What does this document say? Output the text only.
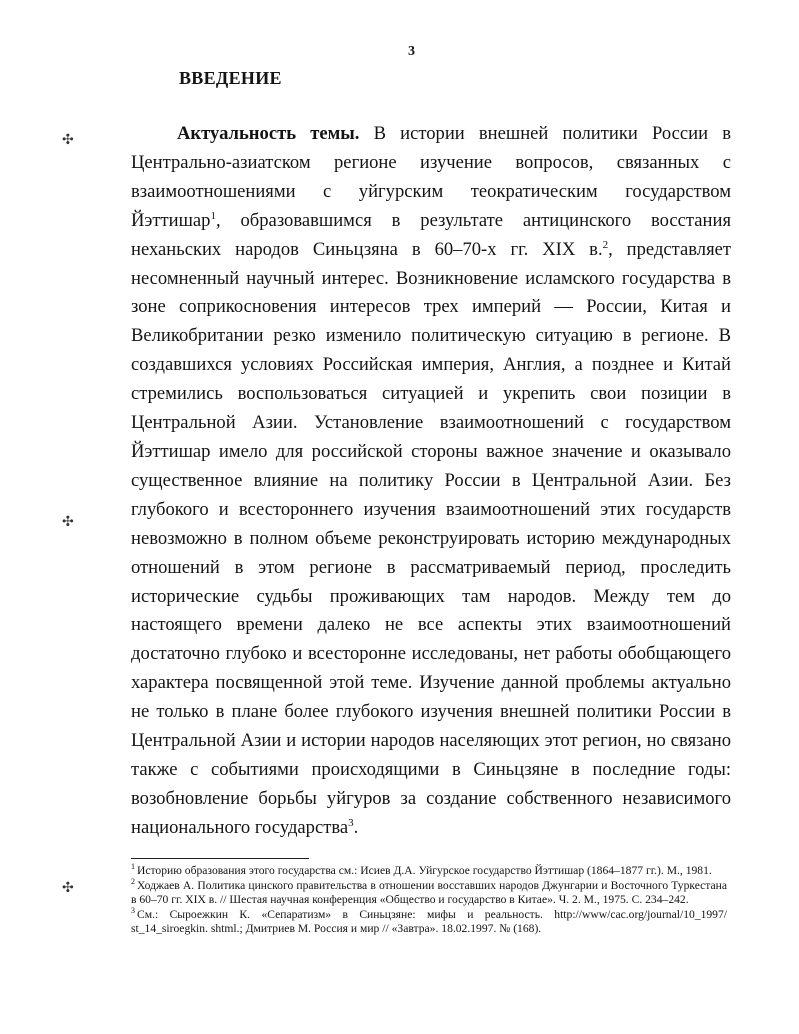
3
ВВЕДЕНИЕ
✣
✣
✣

Актуальность темы. В истории внешней политики России в Центрально-азиатском регионе изучение вопросов, связанных с взаимоотношениями с уйгурским теократическим государством Йэттишар$^1$, образовавшимся в результате антицинского восстания неханьских народов Синьцзяна в 60–70-х гг. XIX в.$^2$, представляет несомненный научный интерес. Возникновение исламского государства в зоне соприкосновения интересов трех империй — России, Китая и Великобритании резко изменило политическую ситуацию в регионе. В создавшихся условиях Российская империя, Англия, а позднее и Китай стремились воспользоваться ситуацией и укрепить свои позиции в Центральной Азии. Установление взаимоотношений с государством Йэттишар имело для российской стороны важное значение и оказывало существенное влияние на политику России в Центральной Азии. Без глубокого и всестороннего изучения взаимоотношений этих государств невозможно в полном объеме реконструировать историю международных отношений в этом регионе в рассматриваемый период, проследить исторические судьбы проживающих там народов. Между тем до настоящего времени далеко не все аспекты этих взаимоотношений достаточно глубоко и всесторонне исследованы, нет работы обобщающего характера посвященной этой теме. Изучение данной проблемы актуально не только в плане более глубокого изучения внешней политики России в Центральной Азии и истории народов населяющих этот регион, но связано также с событиями происходящими в Синьцзяне в последние годы: возобновление борьбы уйгуров за создание собственного независимого национального государства$^3$.

$^1$ Историю образования этого государства см.: Исиев Д.А. Уйгурское государство Йэттишар (1864–1877 гг.). М., 1981.

$^2$ Ходжаев А. Политика цинского правительства в отношении восставших народов Джунгарии и Восточного Туркестана в 60–70 гг. XIX в. // Шестая научная конференция «Общество и государство в Китае». Ч. 2. М., 1975. С. 234–242.

$^3$ См.: Сыроежкин К. «Сепаратизм» в Синьцзяне: мифы и реальность. http://www/cac.org/journal/10_1997/ st_14_siroegkin. shtml.; Дмитриев М. Россия и мир // «Завтра». 18.02.1997. № (168).
